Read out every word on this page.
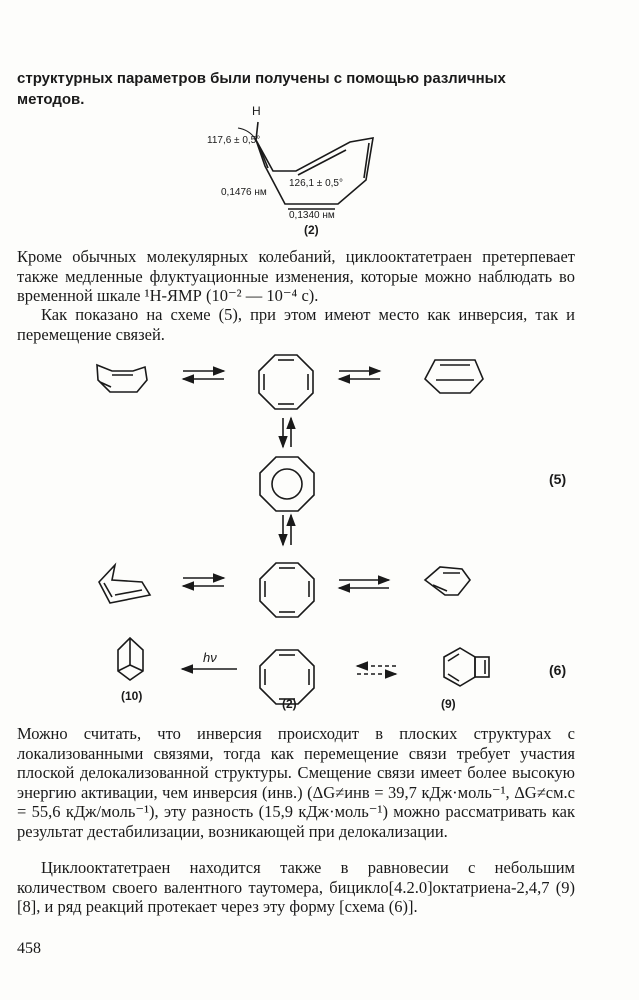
структурных параметров были получены с помощью различных
методов.

H
117,6 ± 0,5°
126,1 ± 0,5°
0,1476 нм
0,1340 нм
(2)

Кроме обычных молекулярных колебаний, циклооктатетраен претерпевает также медленные флуктуационные изменения, которые можно наблюдать во временной шкале ¹H-ЯМР (10⁻² — 10⁻⁴ с).

Как показано на схеме (5), при этом имеют место как инверсия, так и перемещение связей.

(5)
(6)
hν
(10)
(2)	(9)

Можно считать, что инверсия происходит в плоских структурах с локализованными связями, тогда как перемещение связи требует участия плоской делокализованной структуры. Смещение связи имеет более высокую энергию активации, чем инверсия (инв.) (ΔG≠инв = 39,7 кДж·моль⁻¹, ΔG≠см.с = 55,6 кДж/моль⁻¹), эту разность (15,9 кДж·моль⁻¹) можно рассматривать как результат дестабилизации, возникающей при делокализации.

Циклооктатетраен находится также в равновесии с небольшим количеством своего валентного таутомера, бицикло[4.2.0]октатриена-2,4,7 (9) [8], и ряд реакций протекает через эту форму [схема (6)].

458
